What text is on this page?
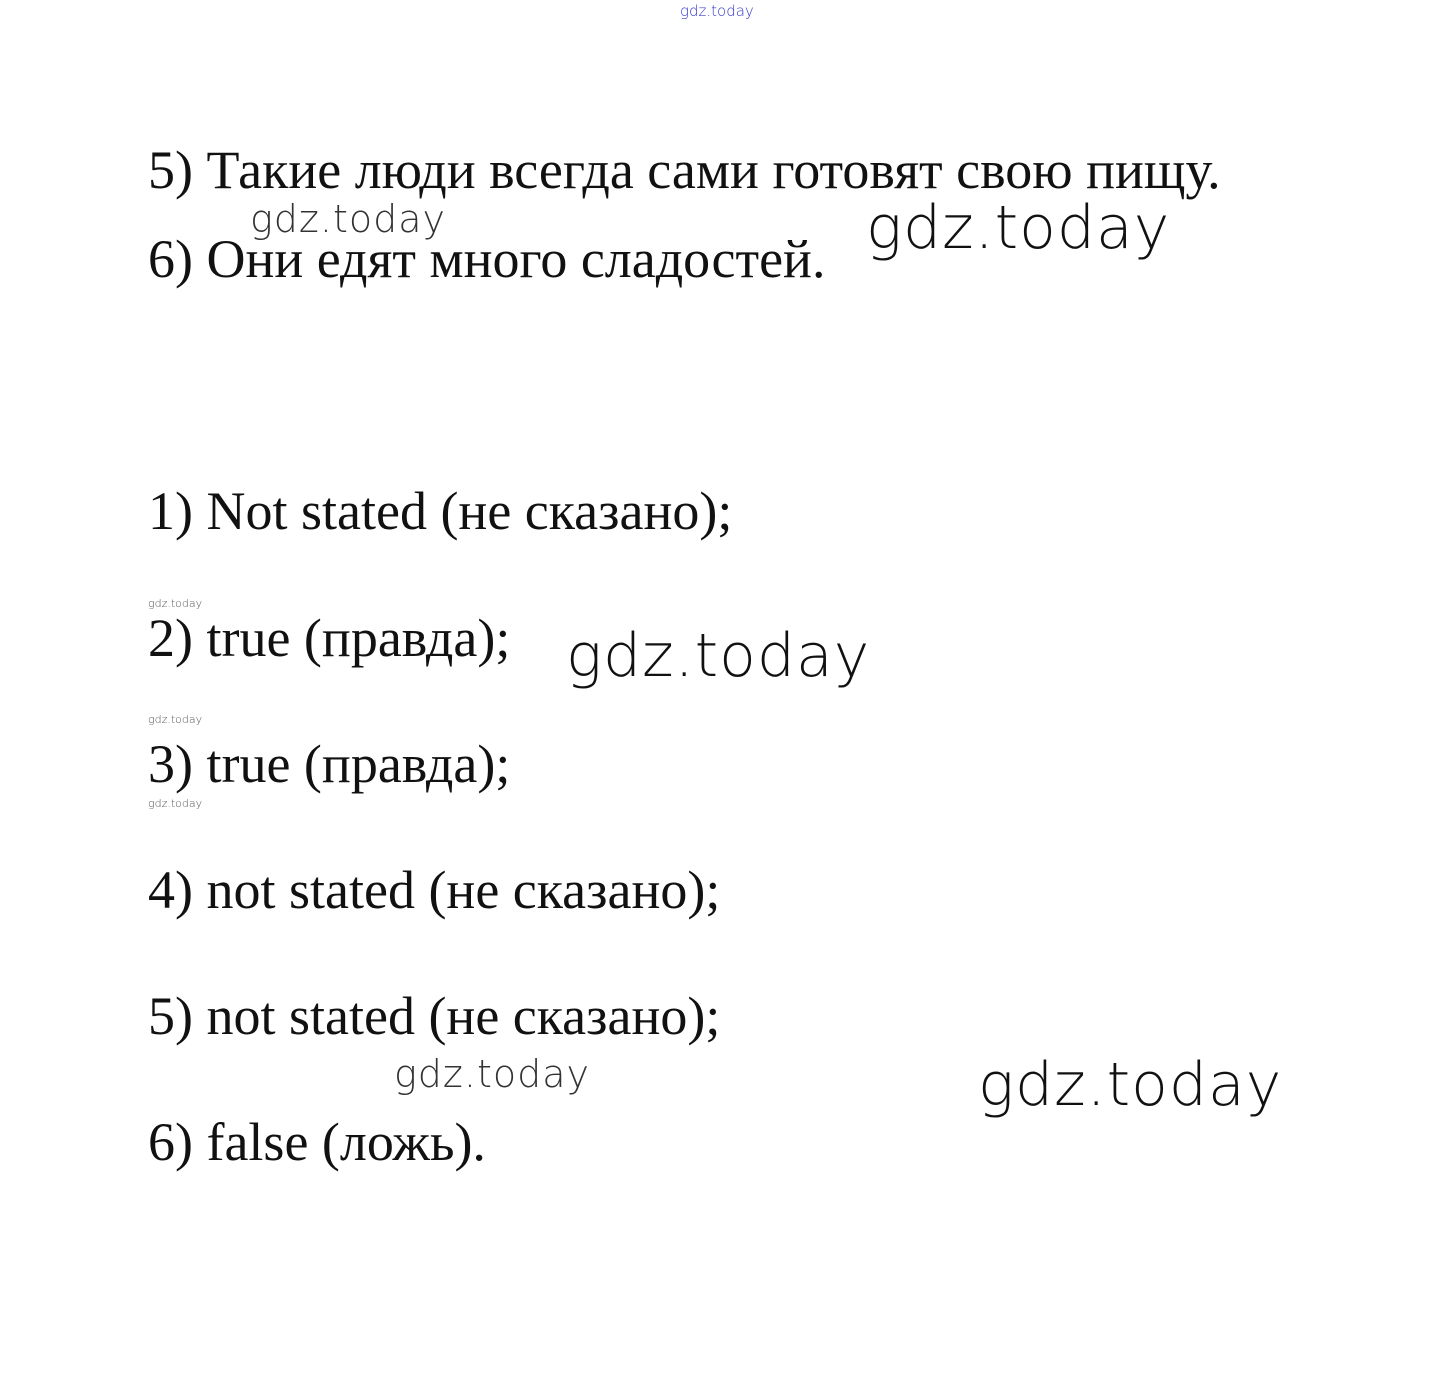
gdz.today
5) Такие люди всегда сами готовят свою пищу.
6) Они едят много сладостей.
gdz.today	gdz.today
1) Not stated (не сказано);
gdz.today
2) true (правда); gdz.today
gdz.today
3) true (правда);
gdz.today
4) not stated (не сказано);
5) not stated (не сказано);
gdz.today	gdz.today
6) false (ложь).
